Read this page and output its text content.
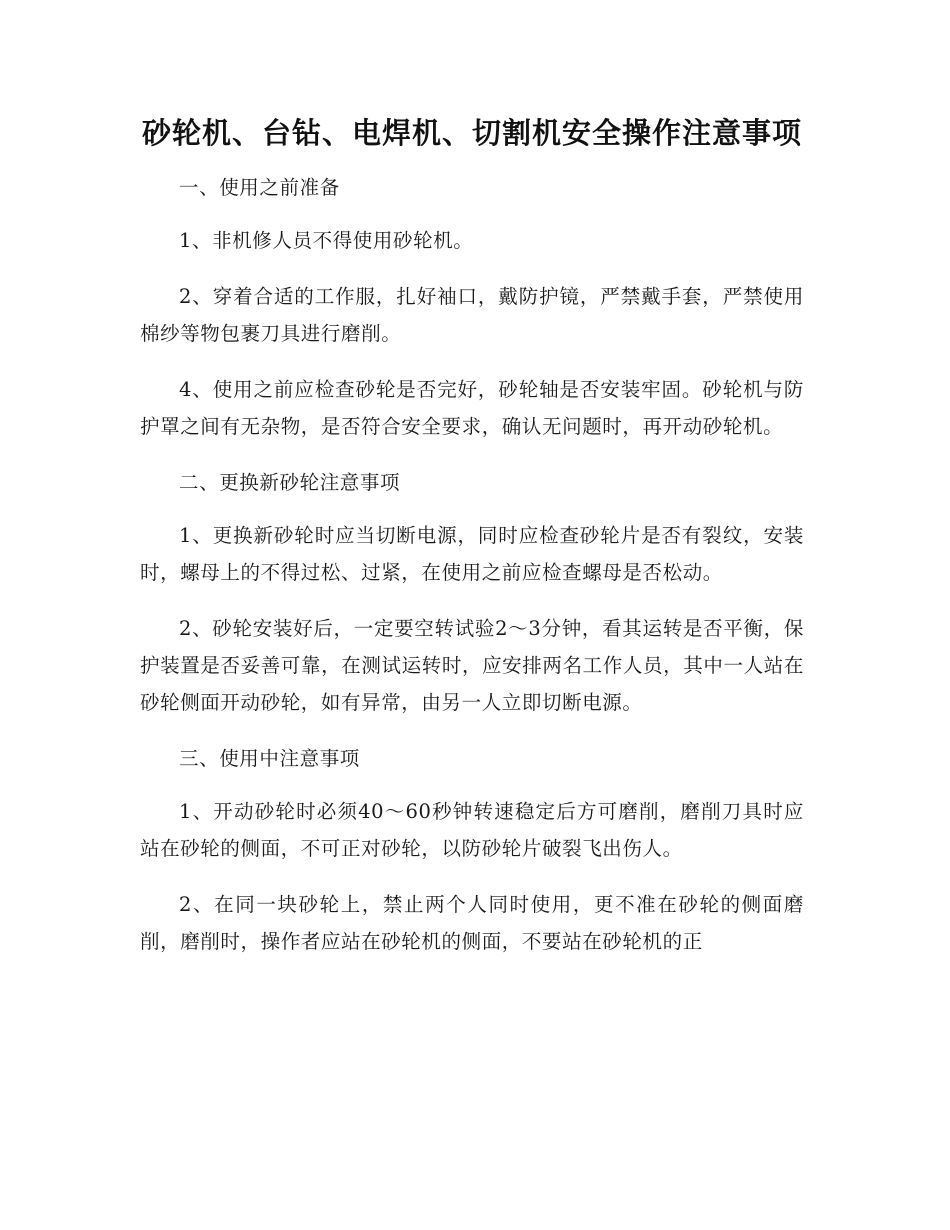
砂轮机、台钻、电焊机、切割机安全操作注意事项

一、使用之前准备

1、非机修人员不得使用砂轮机。

2、穿着合适的工作服，扎好袖口，戴防护镜，严禁戴手套，严禁使用棉纱等物包裹刀具进行磨削。

4、使用之前应检查砂轮是否完好，砂轮轴是否安装牢固。砂轮机与防护罩之间有无杂物，是否符合安全要求，确认无问题时，再开动砂轮机。

二、更换新砂轮注意事项

1、更换新砂轮时应当切断电源，同时应检查砂轮片是否有裂纹，安装时，螺母上的不得过松、过紧，在使用之前应检查螺母是否松动。

2、砂轮安装好后，一定要空转试验2～3分钟，看其运转是否平衡，保护装置是否妥善可靠，在测试运转时，应安排两名工作人员，其中一人站在砂轮侧面开动砂轮，如有异常，由另一人立即切断电源。

三、使用中注意事项

1、开动砂轮时必须40～60秒钟转速稳定后方可磨削，磨削刀具时应站在砂轮的侧面，不可正对砂轮，以防砂轮片破裂飞出伤人。

2、在同一块砂轮上，禁止两个人同时使用，更不准在砂轮的侧面磨削，磨削时，操作者应站在砂轮机的侧面，不要站在砂轮机的正
